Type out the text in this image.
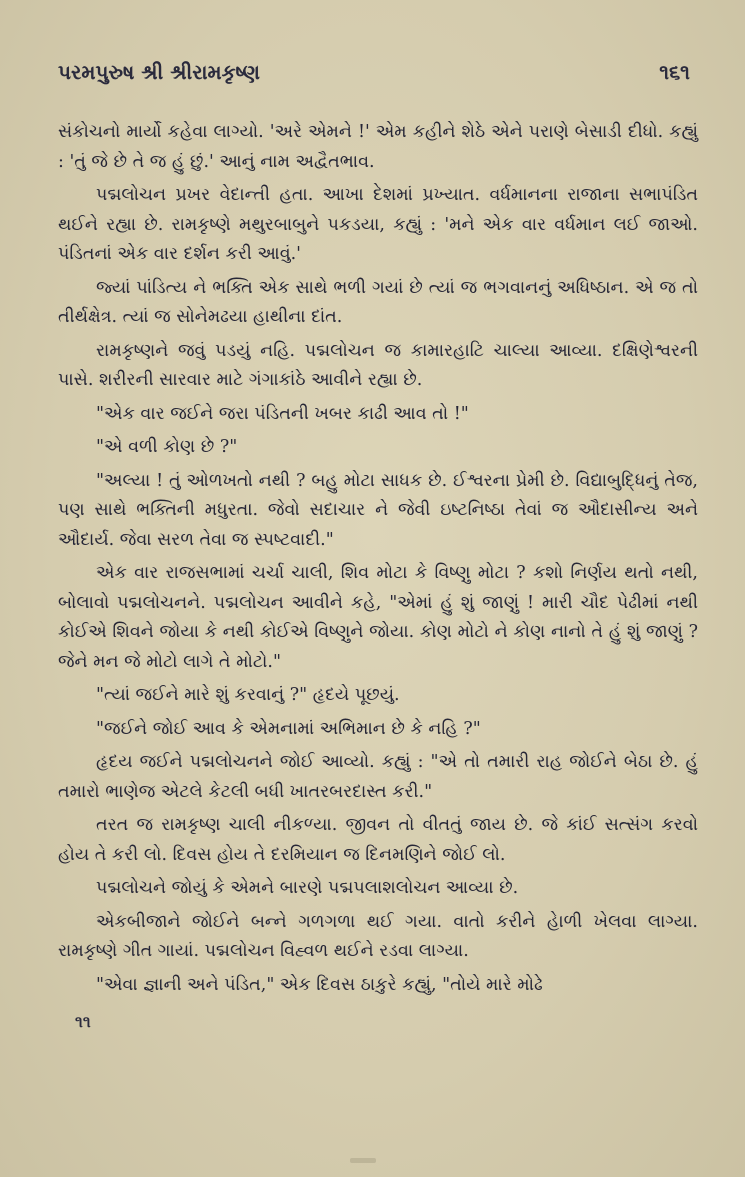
પરમપુરુષ શ્રી શ્રીરામકૃષ્ણ	૧૬૧

સંકોચનો માર્યો કહેવા લાગ્યો. 'અરે એમને !' એમ કહીને શેઠે એને પરાણે બેસાડી દીધો. કહ્યું : 'તું જે છે તે જ હું છું.' આનું નામ અદ્વૈતભાવ.

પદ્મલોચન પ્રખર વેદાન્તી હતા. આખા દેશમાં પ્રખ્યાત. વર્ધમાનના રાજાના સભાપંડિત થઈને રહ્યા છે. રામકૃષ્ણે મથુરબાબુને પકડયા, કહ્યું : 'મને એક વાર વર્ધમાન લઈ જાઓ. પંડિતનાં એક વાર દર્શન કરી આવું.'

જ્યાં પાંડિત્ય ને ભક્તિ એક સાથે ભળી ગયાં છે ત્યાં જ ભગવાનનું અધિષ્ઠાન. એ જ તો તીર્થક્ષેત્ર. ત્યાં જ સોનેમઢયા હાથીના દાંત.

રામકૃષ્ણને જવું પડયું નહિ. પદ્મલોચન જ કામારહાટિ ચાલ્યા આવ્યા. દક્ષિણેશ્વરની પાસે. શરીરની સારવાર માટે ગંગાકાંઠે આવીને રહ્યા છે.

"એક વાર જઈને જરા પંડિતની ખબર કાઢી આવ તો !"

"એ વળી કોણ છે ?"

"અલ્યા ! તું ઓળખતો નથી ? બહુ મોટા સાધક છે. ઈશ્વરના પ્રેમી છે. વિદ્યાબુદ્ધિનું તેજ, પણ સાથે ભક્તિની મધુરતા. જેવો સદાચાર ને જેવી ઇષ્ટનિષ્ઠા તેવાં જ ઔદાસીન્ય અને ઔદાર્ય. જેવા સરળ તેવા જ સ્પષ્ટવાદી."

એક વાર રાજસભામાં ચર્ચા ચાલી, શિવ મોટા કે વિષ્ણુ મોટા ? કશો નિર્ણય થતો નથી, બોલાવો પદ્મલોચનને. પદ્મલોચન આવીને કહે, "એમાં હું શું જાણું ! મારી ચૌદ પેઢીમાં નથી કોઈએ શિવને જોયા કે નથી કોઈએ વિષ્ણુને જોયા. કોણ મોટો ને કોણ નાનો તે હું શું જાણું ? જેને મન જે મોટો લાગે તે મોટો."

"ત્યાં જઈને મારે શું કરવાનું ?" હૃદયે પૂછયું.

"જઈને જોઈ આવ કે એમનામાં અભિમાન છે કે નહિ ?"

હૃદય જઈને પદ્મલોચનને જોઈ આવ્યો. કહ્યું : "એ તો તમારી રાહ જોઈને બેઠા છે. હું તમારો ભાણેજ એટલે કેટલી બધી ખાતરબરદાસ્ત કરી."

તરત જ રામકૃષ્ણ ચાલી નીકળ્યા. જીવન તો વીતતું જાય છે. જે કાંઈ સત્સંગ કરવો હોય તે કરી લો. દિવસ હોય તે દરમિયાન જ દિનમણિને જોઈ લો.

પદ્મલોચને જોયું કે એમને બારણે પદ્મપલાશલોચન આવ્યા છે.

એકબીજાને જોઈને બન્ને ગળગળા થઈ ગયા. વાતો કરીને હેાળી ખેલવા લાગ્યા. રામકૃષ્ણે ગીત ગાયાં. પદ્મલોચન વિહ્વળ થઈને રડવા લાગ્યા.

"એવા જ્ઞાની અને પંડિત," એક દિવસ ઠાકુરે કહ્યું, "તોયે મારે મોઢે

૧૧
